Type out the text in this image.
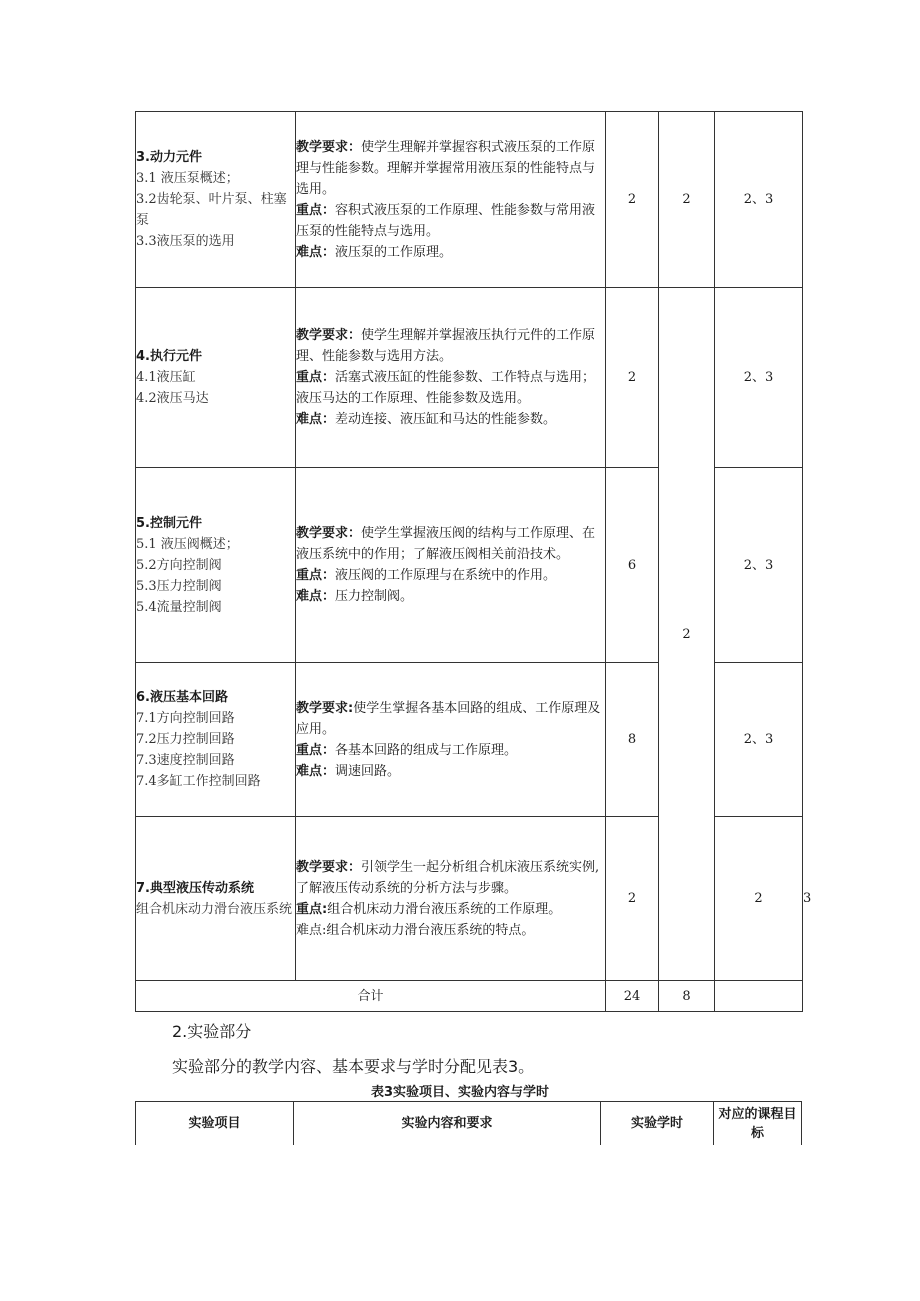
3.动力元件
3.1 液压泵概述；
3.2齿轮泵、叶片泵、柱塞泵
3.3液压泵的选用	教学要求：使学生理解并掌握容积式液压泵的工作原理与性能参数。理解并掌握常用液压泵的性能特点与选用。
重点：容积式液压泵的工作原理、性能参数与常用液压泵的性能特点与选用。
难点：液压泵的工作原理。	2	2	2、3	
4.执行元件
4.1液压缸
4.2液压马达	教学要求：使学生理解并掌握液压执行元件的工作原理、性能参数与选用方法。
重点：活塞式液压缸的性能参数、工作特点与选用；液压马达的工作原理、性能参数及选用。
难点：差动连接、液压缸和马达的性能参数。	2	2	2、3	
5.控制元件
5.1 液压阀概述；
5.2方向控制阀
5.3压力控制阀
5.4流量控制阀	教学要求：使学生掌握液压阀的结构与工作原理、在液压系统中的作用；了解液压阀相关前沿技术。
重点：液压阀的工作原理与在系统中的作用。
难点：压力控制阀。	6		2、3	
6.液压基本回路
7.1方向控制回路
7.2压力控制回路
7.3速度控制回路
7.4多缸工作控制回路	教学要求:使学生掌握各基本回路的组成、工作原理及应用。
重点：各基本回路的组成与工作原理。
难点：调速回路。	8		2、3	
7.典型液压传动系统
组合机床动力滑台液压系统	教学要求：引领学生一起分析组合机床液压系统实例,了解液压传动系统的分析方法与步骤。
重点:组合机床动力滑台液压系统的工作原理。
难点:组合机床动力滑台液压系统的特点。	2		2	3
合计		24	8		
2.实验部分
实验部分的教学内容、基本要求与学时分配见表3。
表3实验项目、实验内容与学时
实验项目	实验内容和要求	实验学时	对应的课程目标
